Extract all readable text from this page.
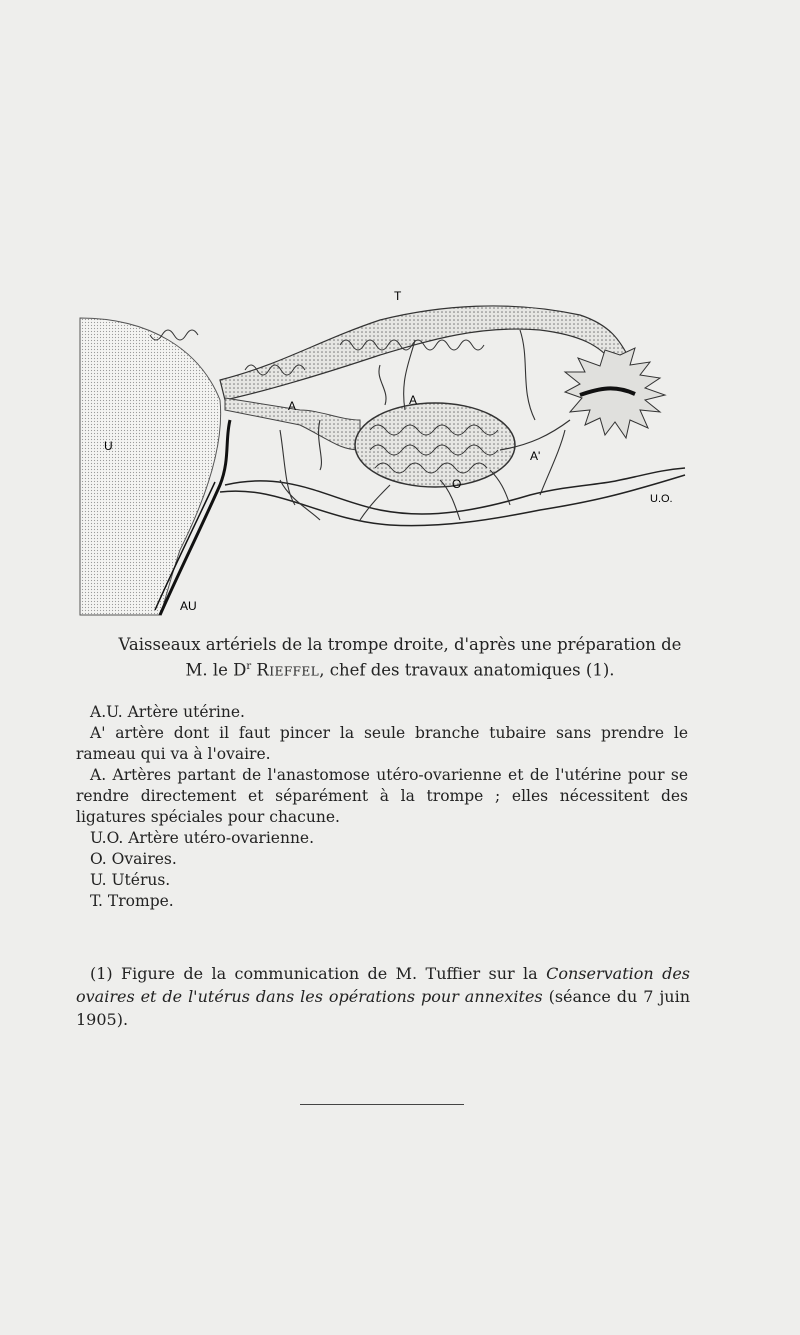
T
U
A	A
A'
O
U.O.
AU
Vaisseaux artériels de la trompe droite, d'après une préparation de
M. le $D^r$ Rieffel, chef des travaux anatomiques (1).
A.U. Artère utérine.
A' artère dont il faut pincer la seule branche tubaire sans prendre le rameau qui va à l'ovaire.
A. Artères partant de l'anastomose utéro-ovarienne et de l'utérine pour se rendre directement et séparément à la trompe ; elles nécessitent des ligatures spéciales pour chacune.
U.O. Artère utéro-ovarienne.
O. Ovaires.
U. Utérus.
T. Trompe.
(1) Figure de la communication de M. Tuffier sur la Conservation des ovaires et de l'utérus dans les opérations pour annexites (séance du 7 juin 1905).
